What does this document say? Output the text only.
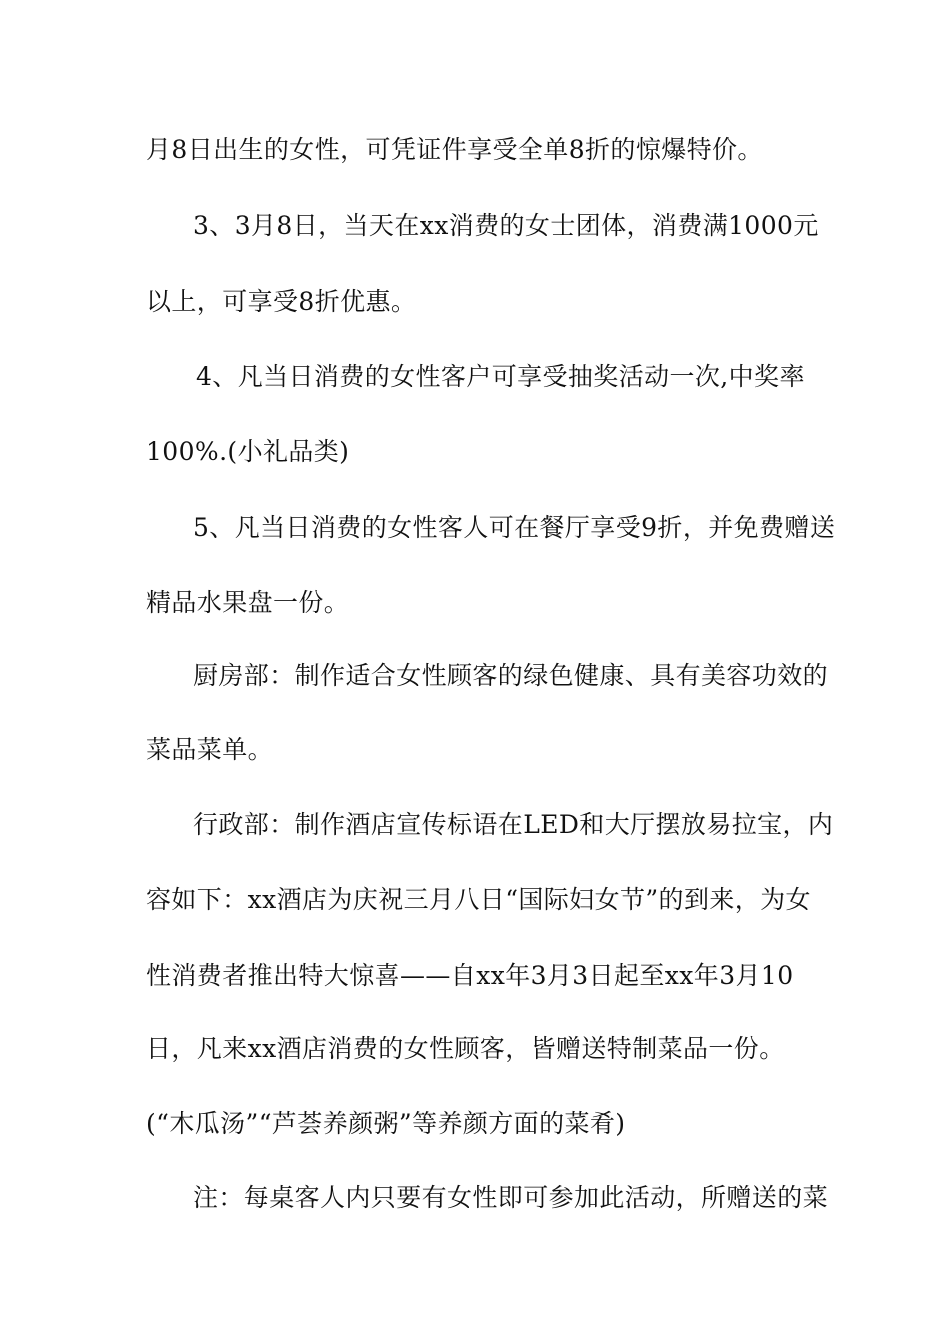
月8日出生的女性，可凭证件享受全单8折的惊爆特价。
3、3月8日，当天在xx消费的女士团体，消费满1000元
以上，可享受8折优惠。
4、凡当日消费的女性客户可享受抽奖活动一次,中奖率
100%.(小礼品类)
5、凡当日消费的女性客人可在餐厅享受9折，并免费赠送
精品水果盘一份。
厨房部：制作适合女性顾客的绿色健康、具有美容功效的
菜品菜单。
行政部：制作酒店宣传标语在LED和大厅摆放易拉宝，内
容如下：xx酒店为庆祝三月八日“国际妇女节”的到来，为女
性消费者推出特大惊喜——自xx年3月3日起至xx年3月10
日，凡来xx酒店消费的女性顾客，皆赠送特制菜品一份。
(“木瓜汤”“芦荟养颜粥”等养颜方面的菜肴)
注：每桌客人内只要有女性即可参加此活动，所赠送的菜
